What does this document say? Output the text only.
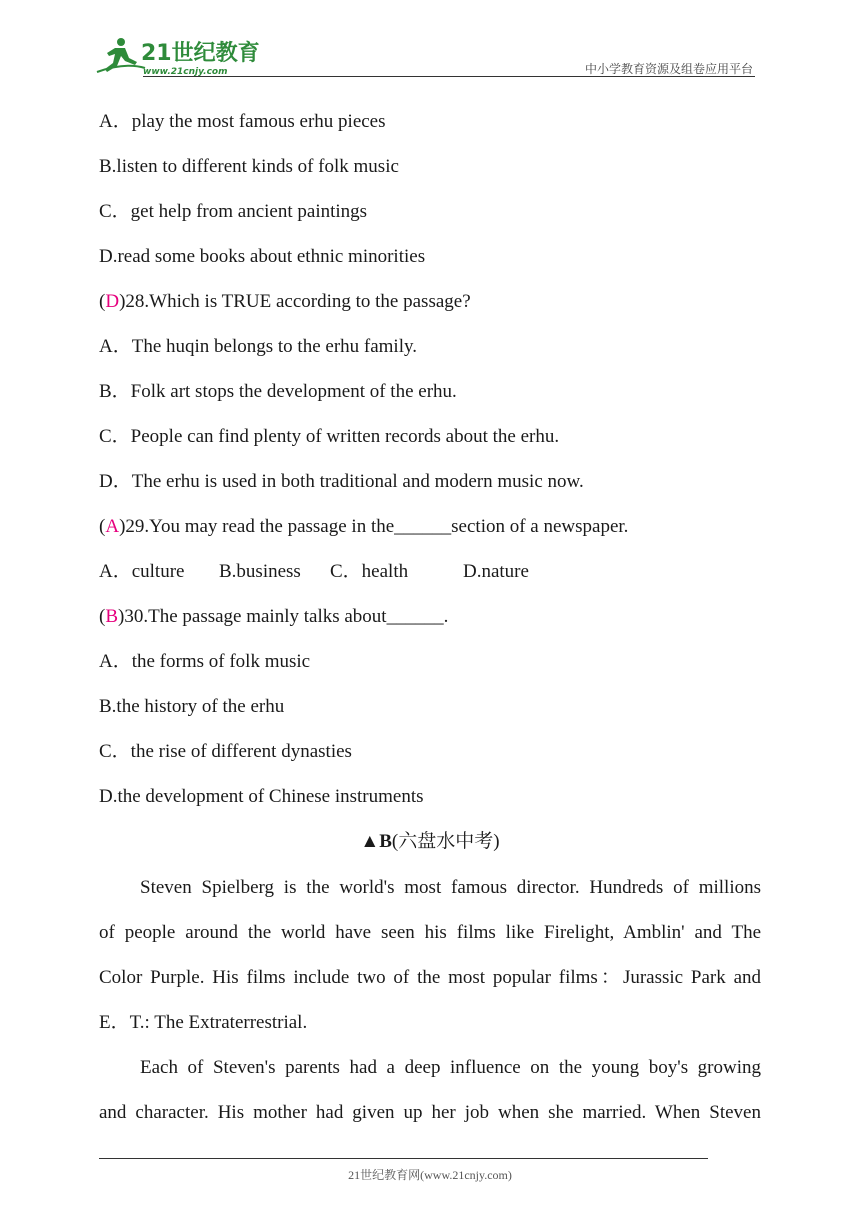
21世纪教育
www.21cnjy.com	中小学教育资源及组卷应用平台
A．play the most famous erhu pieces
B.listen to different kinds of folk music
C．get help from ancient paintings
D.read some books about ethnic minorities
(D)28.Which is TRUE according to the passage?
A．The huqin belongs to the erhu family.
B．Folk art stops the development of the erhu.
C．People can find plenty of written records about the erhu.
D．The erhu is used in both traditional and modern music now.
(A)29.You may read the passage in the______section of a newspaper.
A．culture B.business C．health	D.nature
(B)30.The passage mainly talks about______.
A．the forms of folk music
B.the history of the erhu
C．the rise of different dynasties
D.the development of Chinese instruments
▲B(六盘水中考)
Steven Spielberg is the world's most famous director. Hundreds of millions
of people around the world have seen his films like Firelight, Amblin' and The
Color Purple. His films include two of the most popular films：Jurassic Park and
E．T.: The Extraterrestrial.
Each of Steven's parents had a deep influence on the young boy's growing
and character. His mother had given up her job when she married. When Steven
21世纪教育网(www.21cnjy.com)
